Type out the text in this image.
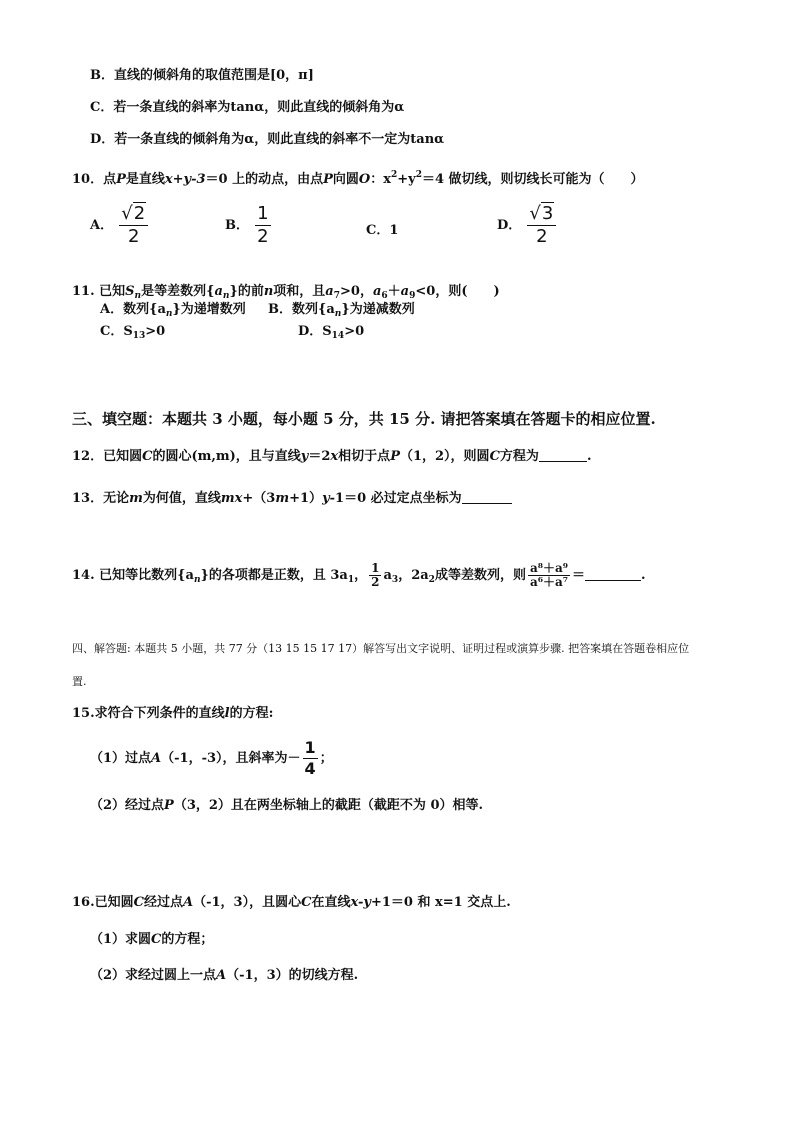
B．直线的倾斜角的取值范围是[0，π]
C．若一条直线的斜率为tanα，则此直线的倾斜角为α
D．若一条直线的倾斜角为α，则此直线的斜率不一定为tanα
10．点P是直线x+y-3＝0 上的动点，由点P向圆O：$x^2+y^2=4$ 做切线，则切线长可能为（　　）
A． $\frac{√2}{2}$	B． $\frac{1}{2}$	C．1	D． $\frac{√3}{2}$
11. 已知$S_n$是等差数列$\{a_n\}$的前n项和，且$a_7>0$，$a_6+a_9<0$，则(　　)
A．数列$\{a_n\}$为递增数列 B．数列$\{a_n\}$为递减数列
C．$S_{13}>0$	D．$S_{14}>0$
三、填空题：本题共 3 小题，每小题 5 分，共 15 分. 请把答案填在答题卡的相应位置.
12．已知圆C的圆心(m,m)，且与直线y＝2x相切于点P（1，2），则圆C方程为	.
13．无论m为何值，直线mx+（3m+1）y-1＝0 必过定点坐标为
14. 已知等比数列$\{a_n\}$的各项都是正数，且 $3a_1$， $\frac{1}{2} a_3$，$2a_2$成等差数列，则 $\frac{\text{a⁸＋a⁹}}{\text{a⁶＋a⁷}}$ ＝	.
四、解答题: 本题共 5 小题，共 77 分（13 15 15 17 17）解答写出文字说明、证明过程或演算步骤. 把答案填在答题卷相应位
置.
15.求符合下列条件的直线l的方程:
（1）过点A（-1，-3），且斜率为－ $\frac{1}{4}$ ；
（2）经过点P（3，2）且在两坐标轴上的截距（截距不为 0）相等.
16.已知圆C经过点A（-1，3），且圆心C在直线x-y+1＝0 和 x=1 交点上.
（1）求圆C的方程；
（2）求经过圆上一点A（-1，3）的切线方程.
